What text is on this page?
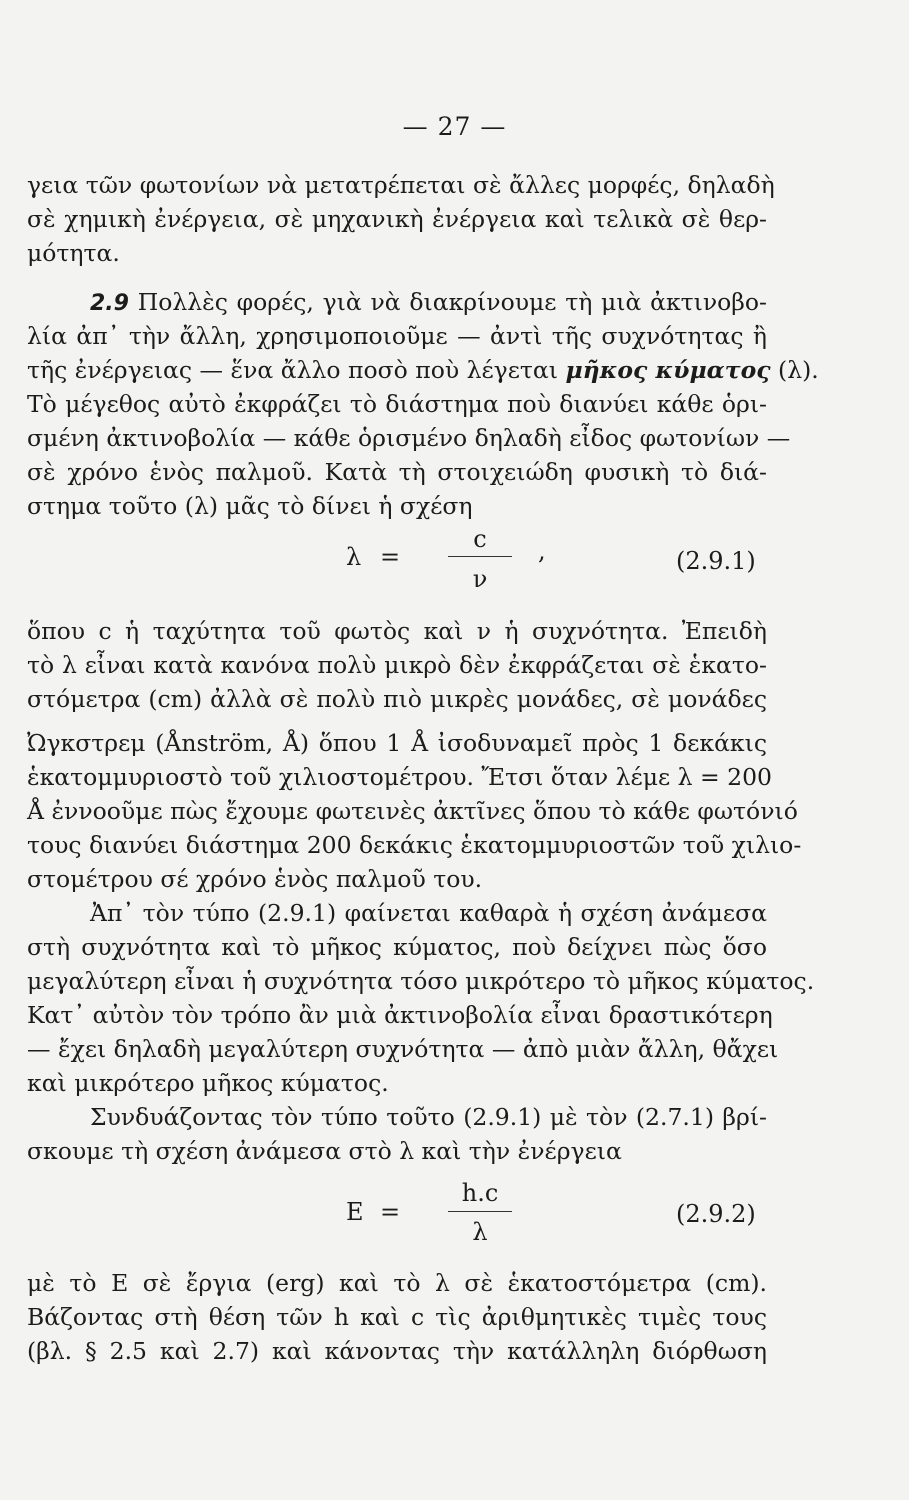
— 27 —
γεια τῶν φωτονίων νὰ μετατρέπεται σὲ ἄλλες μορφές, δηλαδὴ
σὲ χημικὴ ἐνέργεια, σὲ μηχανικὴ ἐνέργεια καὶ τελικὰ σὲ θερ-
μότητα.
2.9 Πολλὲς φορές, γιὰ νὰ διακρίνουμε τὴ μιὰ ἀκτινοβο-
λία ἀπ᾽ τὴν ἄλλη, χρησιμοποιοῦμε — ἀντὶ τῆς συχνότητας ἢ
τῆς ἐνέργειας — ἕνα ἄλλο ποσὸ ποὺ λέγεται μῆκος κύματος (λ).
Τὸ μέγεθος αὐτὸ ἐκφράζει τὸ διάστημα ποὺ διανύει κάθε ὁρι-
σμένη ἀκτινοβολία — κάθε ὁρισμένο δηλαδὴ εἶδος φωτονίων —
σὲ χρόνο ἑνὸς παλμοῦ. Κατὰ τὴ στοιχειώδη φυσικὴ τὸ διά-
στημα τοῦτο (λ) μᾶς τὸ δίνει ἡ σχέση
λ =
c
ν
,	(2.9.1)
ὅπου c ἡ ταχύτητα τοῦ φωτὸς καὶ ν ἡ συχνότητα. Ἐπειδὴ
τὸ λ εἶναι κατὰ κανόνα πολὺ μικρὸ δὲν ἐκφράζεται σὲ ἑκατο-
στόμετρα (cm) ἀλλὰ σὲ πολὺ πιὸ μικρὲς μονάδες, σὲ μονάδες
Ὠγκστρεμ (Ånström, Å) ὅπου 1 Å ἰσοδυναμεῖ πρὸς 1 δεκάκις
ἑκατομμυριοστὸ τοῦ χιλιοστομέτρου. Ἔτσι ὅταν λέμε λ = 200
Å ἐννοοῦμε πὼς ἔχουμε φωτεινὲς ἀκτῖνες ὅπου τὸ κάθε φωτόνιό
τους διανύει διάστημα 200 δεκάκις ἑκατομμυριοστῶν τοῦ χιλιο-
στομέτρου σέ χρόνο ἑνὸς παλμοῦ του.
Ἀπ᾽ τὸν τύπο (2.9.1) φαίνεται καθαρὰ ἡ σχέση ἀνάμεσα
στὴ συχνότητα καὶ τὸ μῆκος κύματος, ποὺ δείχνει πὼς ὅσο
μεγαλύτερη εἶναι ἡ συχνότητα τόσο μικρότερο τὸ μῆκος κύματος.
Κατ᾽ αὐτὸν τὸν τρόπο ἂν μιὰ ἀκτινοβολία εἶναι δραστικότερη
— ἔχει δηλαδὴ μεγαλύτερη συχνότητα — ἀπὸ μιὰν ἄλλη, θἄχει
καὶ μικρότερο μῆκος κύματος.
Συνδυάζοντας τὸν τύπο τοῦτο (2.9.1) μὲ τὸν (2.7.1) βρί-
σκουμε τὴ σχέση ἀνάμεσα στὸ λ καὶ τὴν ἐνέργεια
E =
h.c
λ
(2.9.2)
μὲ τὸ E σὲ ἔργια (erg) καὶ τὸ λ σὲ ἑκατοστόμετρα (cm).
Βάζοντας στὴ θέση τῶν h καὶ c τὶς ἀριθμητικὲς τιμὲς τους
(βλ. § 2.5 καὶ 2.7) καὶ κάνοντας τὴν κατάλληλη διόρθωση
